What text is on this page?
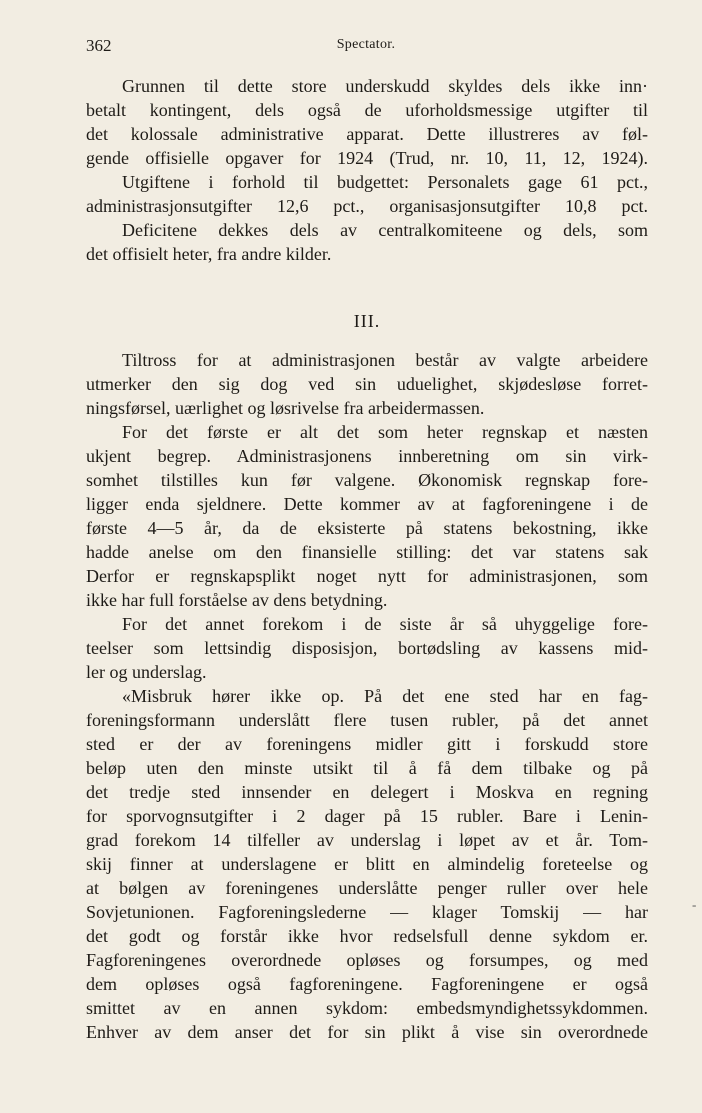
362	Spectator.
Grunnen til dette store underskudd skyldes dels ikke inn·
betalt kontingent, dels også de uforholdsmessige utgifter til
det kolossale administrative apparat. Dette illustreres av føl-
gende offisielle opgaver for 1924 (Trud, nr. 10, 11, 12, 1924).
Utgiftene i forhold til budgettet: Personalets gage 61 pct.,
administrasjonsutgifter 12,6 pct., organisasjonsutgifter 10,8 pct.
Deficitene dekkes dels av centralkomiteene og dels, som
det offisielt heter, fra andre kilder.
III.
Tiltross for at administrasjonen består av valgte arbeidere
utmerker den sig dog ved sin uduelighet, skjødesløse forret-
ningsførsel, uærlighet og løsrivelse fra arbeidermassen.
For det første er alt det som heter regnskap et næsten
ukjent begrep. Administrasjonens innberetning om sin virk-
somhet tilstilles kun før valgene. Økonomisk regnskap fore-
ligger enda sjeldnere. Dette kommer av at fagforeningene i de
første 4—5 år, da de eksisterte på statens bekostning, ikke
hadde anelse om den finansielle stilling: det var statens sak
Derfor er regnskapsplikt noget nytt for administrasjonen, som
ikke har full forståelse av dens betydning.
For det annet forekom i de siste år så uhyggelige fore-
teelser som lettsindig disposisjon, bortødsling av kassens mid-
ler og underslag.
«Misbruk hører ikke op. På det ene sted har en fag-
foreningsformann underslått flere tusen rubler, på det annet
sted er der av foreningens midler gitt i forskudd store
beløp uten den minste utsikt til å få dem tilbake og på
det tredje sted innsender en delegert i Moskva en regning
for sporvognsutgifter i 2 dager på 15 rubler. Bare i Lenin-
grad forekom 14 tilfeller av underslag i løpet av et år. Tom-
skij finner at underslagene er blitt en almindelig foreteelse og
at bølgen av foreningenes underslåtte penger ruller over hele
Sovjetunionen. Fagforeningslederne — klager Tomskij — har
det godt og forstår ikke hvor redselsfull denne sykdom er.
Fagforeningenes overordnede opløses og forsumpes, og med
dem opløses også fagforeningene. Fagforeningene er også
smittet av en annen sykdom: embedsmyndighetssykdommen.
Enhver av dem anser det for sin plikt å vise sin overordnede
-
